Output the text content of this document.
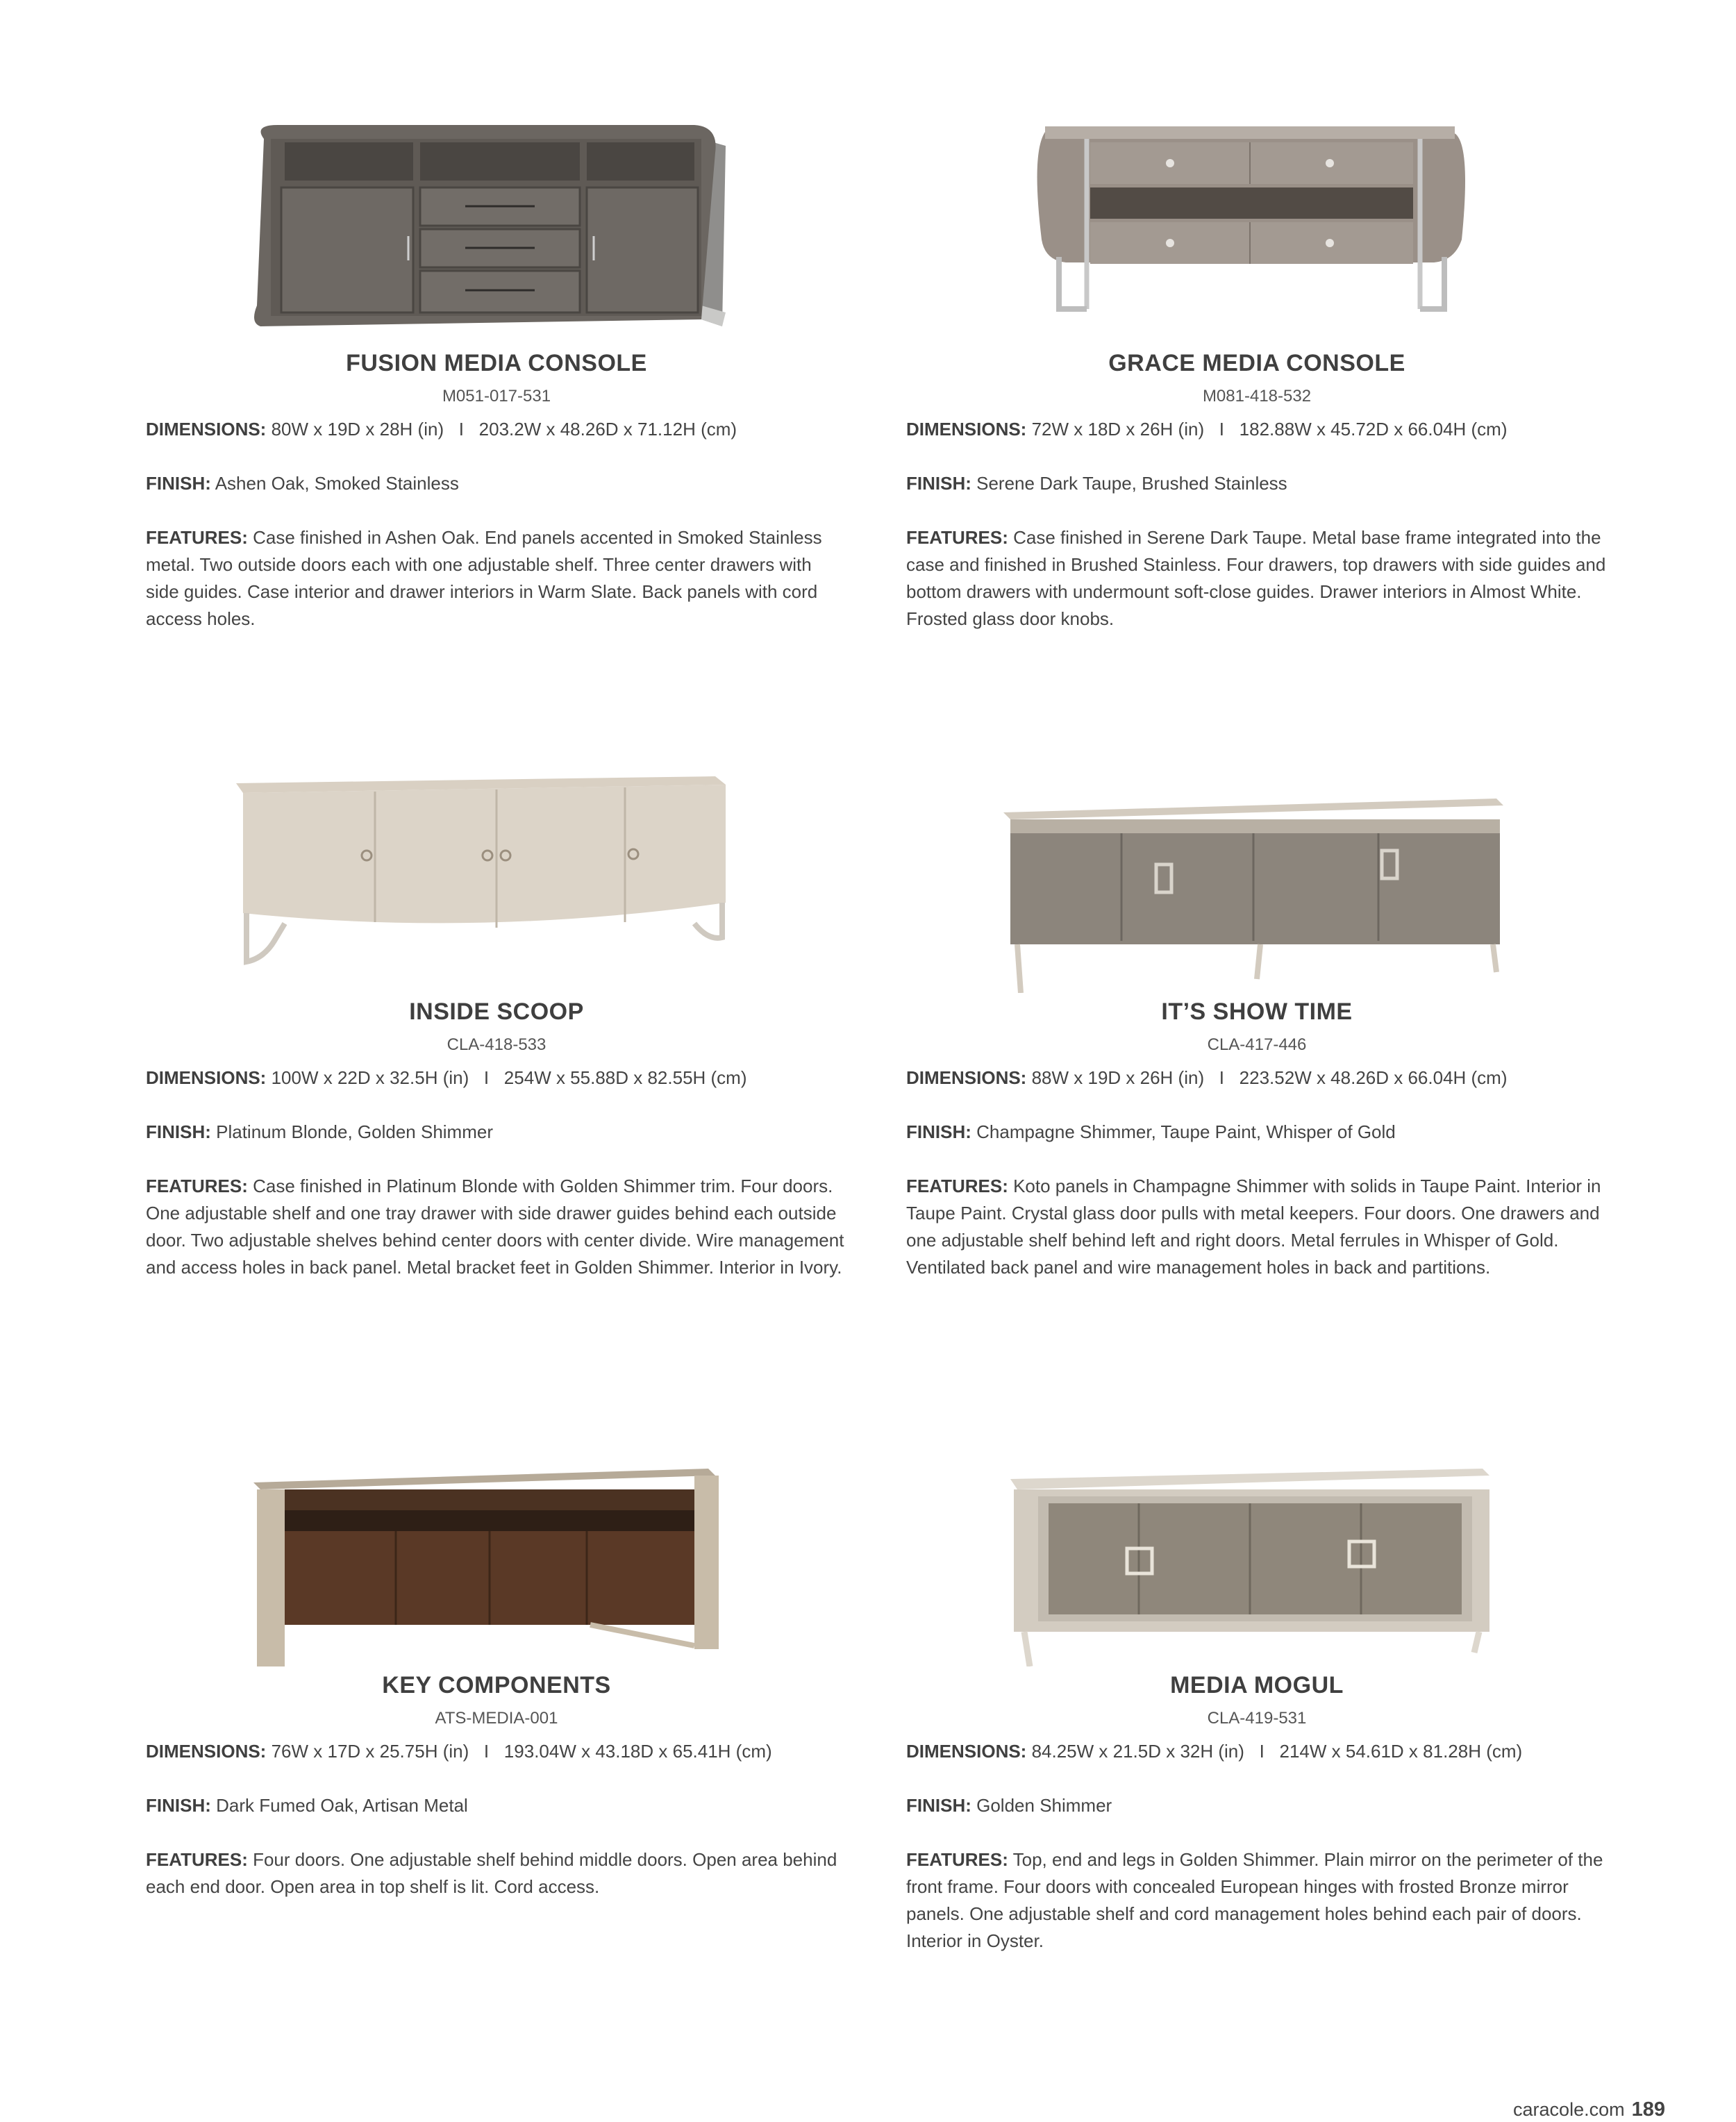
FUSION MEDIA CONSOLE
M051-017-531
DIMENSIONS: 80W x 19D x 28H (in)   I   203.2W x 48.26D x 71.12H (cm)
FINISH: Ashen Oak, Smoked Stainless
FEATURES: Case finished in Ashen Oak. End panels accented in Smoked Stainless metal. Two outside doors each with one adjustable shelf. Three center drawers with side guides. Case interior and drawer interiors in Warm Slate. Back panels with cord access holes.
GRACE MEDIA CONSOLE
M081-418-532
DIMENSIONS: 72W x 18D x 26H (in)   I   182.88W x 45.72D x 66.04H (cm)
FINISH: Serene Dark Taupe, Brushed Stainless
FEATURES: Case finished in Serene Dark Taupe. Metal base frame integrated into the case and finished in Brushed Stainless. Four drawers, top drawers with side guides and bottom drawers with undermount soft-close guides. Drawer interiors in Almost White. Frosted glass door knobs.
INSIDE SCOOP
CLA-418-533
DIMENSIONS: 100W x 22D x 32.5H (in)   I   254W x 55.88D x 82.55H (cm)
FINISH: Platinum Blonde, Golden Shimmer
FEATURES: Case finished in Platinum Blonde with Golden Shimmer trim. Four doors. One adjustable shelf and one tray drawer with side drawer guides behind each outside door. Two adjustable shelves behind center doors with center divide. Wire management and access holes in back panel. Metal bracket feet in Golden Shimmer. Interior in Ivory.
IT’S SHOW TIME
CLA-417-446
DIMENSIONS: 88W x 19D x 26H (in)   I   223.52W x 48.26D x 66.04H (cm)
FINISH: Champagne Shimmer, Taupe Paint, Whisper of Gold
FEATURES: Koto panels in Champagne Shimmer with solids in Taupe Paint. Interior in Taupe Paint. Crystal glass door pulls with metal keepers. Four doors. One drawers and one adjustable shelf behind left and right doors. Metal ferrules in Whisper of Gold. Ventilated back panel and wire management holes in back and partitions.
KEY COMPONENTS
ATS-MEDIA-001
DIMENSIONS: 76W x 17D x 25.75H (in)   I   193.04W x 43.18D x 65.41H (cm)
FINISH: Dark Fumed Oak, Artisan Metal
FEATURES: Four doors. One adjustable shelf behind middle doors. Open area behind each end door. Open area in top shelf is lit. Cord access.
MEDIA MOGUL
CLA-419-531
DIMENSIONS: 84.25W x 21.5D x 32H (in)   I   214W x 54.61D x 81.28H (cm)
FINISH: Golden Shimmer
FEATURES: Top, end and legs in Golden Shimmer. Plain mirror on the perimeter of the front frame. Four doors with concealed European hinges with frosted Bronze mirror panels. One adjustable shelf and cord management holes behind each pair of doors. Interior in Oyster.
caracole.com 189
